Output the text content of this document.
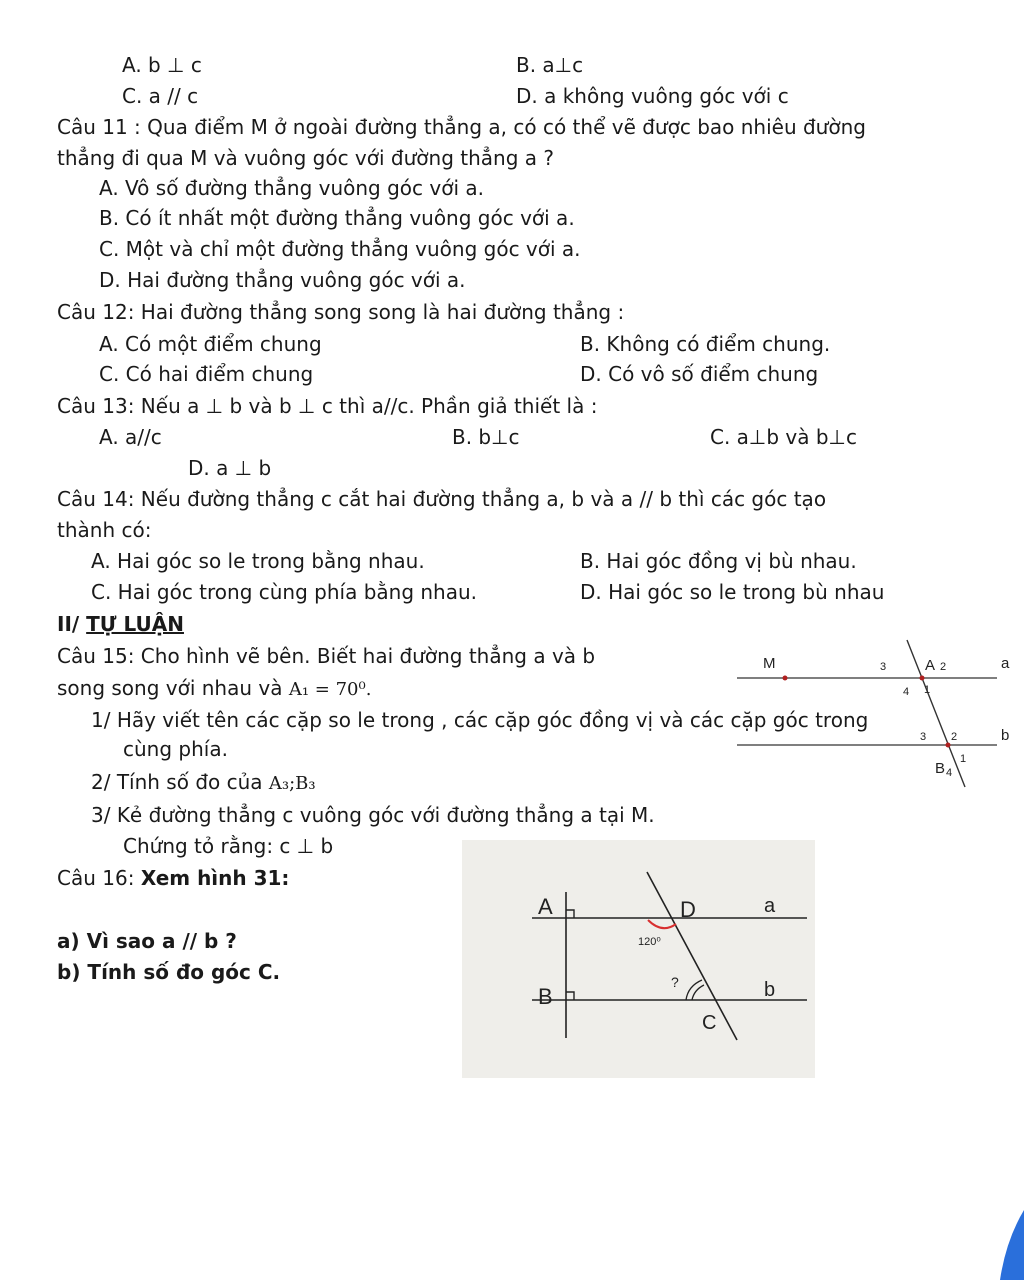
A. b ⊥ c	B. a⊥c
C. a // c	D. a không vuông góc với c
Câu 11 : Qua điểm M ở ngoài đường thẳng a, có có thể vẽ được bao nhiêu đường
thẳng đi qua M và vuông góc với đường thẳng a ?
A. Vô số đường thẳng vuông góc với a.
B. Có ít nhất một đường thẳng vuông góc với a.
C. Một và chỉ một đường thẳng vuông góc với a.
D. Hai đường thẳng vuông góc với a.
Câu 12: Hai đường thẳng song song là hai đường thẳng :
A. Có một điểm chung	B. Không có điểm chung.
C. Có hai điểm chung	D. Có vô số điểm chung
Câu 13: Nếu a ⊥ b và b ⊥ c thì a//c. Phần giả thiết là :
A. a//c	B. b⊥c	C. a⊥b và b⊥c
D. a ⊥ b
Câu 14: Nếu đường thẳng c cắt hai đường thẳng a, b và a // b thì các góc tạo
thành có:
A. Hai góc so le trong bằng nhau.	B. Hai góc đồng vị bù nhau.
C. Hai góc trong cùng phía bằng nhau.	D. Hai góc so le trong bù nhau
II/ TỰ LUẬN
Câu 15: Cho hình vẽ bên. Biết hai đường thẳng a và b
song song với nhau và A₁ = 70⁰.
1/ Hãy viết tên các cặp so le trong , các cặp góc đồng vị và các cặp góc trong
cùng phía.
2/ Tính số đo của A₃;B₃
3/ Kẻ đường thẳng c vuông góc với đường thẳng a tại M.
Chứng tỏ rằng: c ⊥ b
Câu 16: Xem hình 31:
a) Vì sao a // b ?
b) Tính số đo góc C.
M	A
B
a
b
3	2
4 1
3 2
4
1
A
B
D
C
a
b
120⁰
?
